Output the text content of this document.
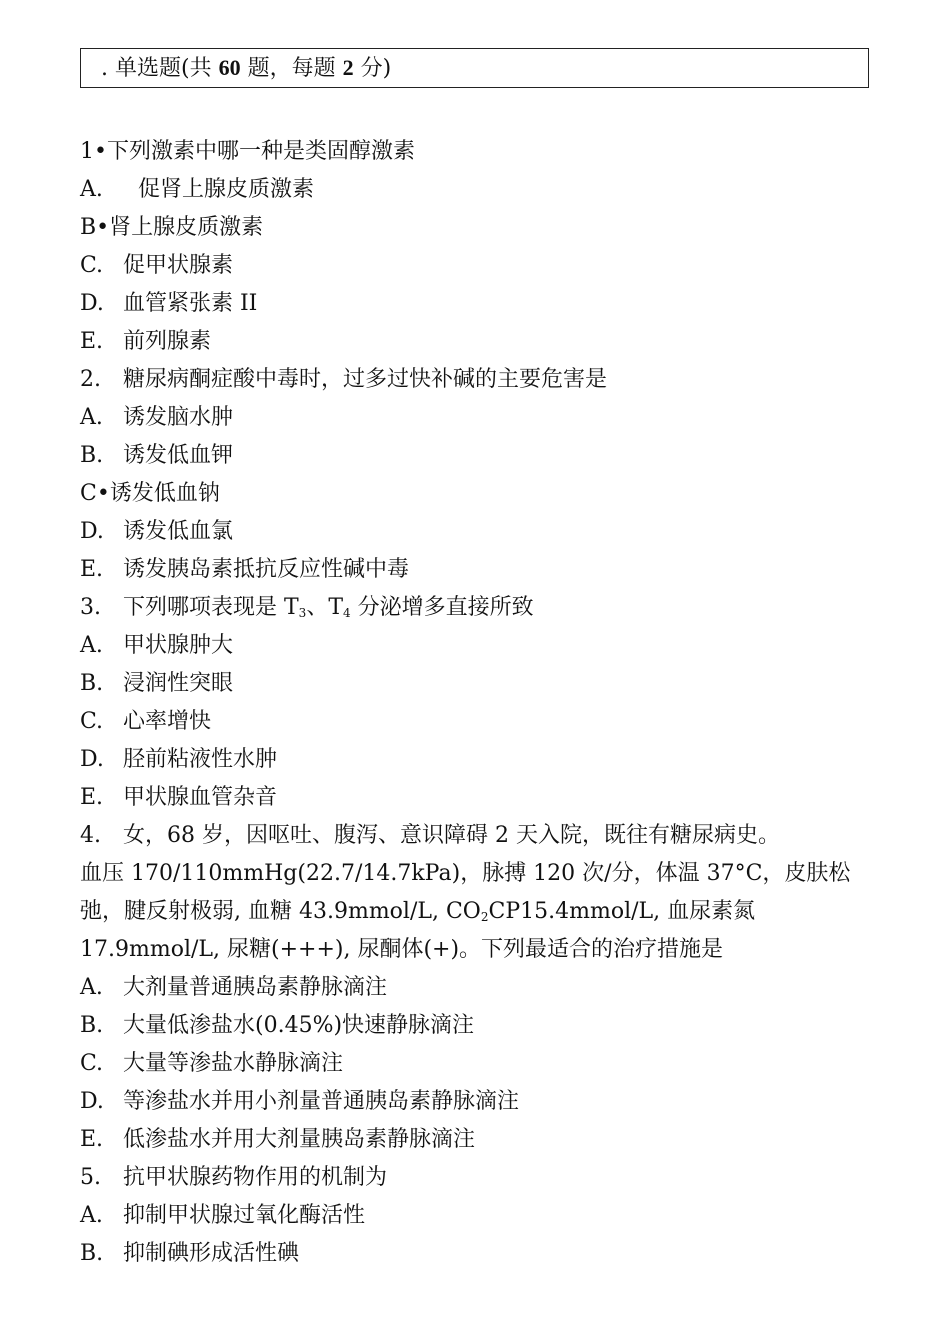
. 单选题(共 60 题，每题 2 分)
1•下列激素中哪一种是类固醇激素
A. 促肾上腺皮质激素
B•肾上腺皮质激素
C. 促甲状腺素
D. 血管紧张素 II
E. 前列腺素
2. 糖尿病酮症酸中毒时，过多过快补碱的主要危害是
A. 诱发脑水肿
B. 诱发低血钾
C•诱发低血钠
D. 诱发低血氯
E. 诱发胰岛素抵抗反应性碱中毒
3. 下列哪项表现是 $T_3$、$T_4$ 分泌增多直接所致
A. 甲状腺肿大
B. 浸润性突眼
C. 心率增快
D. 胫前粘液性水肿
E. 甲状腺血管杂音
4. 女，68 岁，因呕吐、腹泻、意识障碍 2 天入院，既往有糖尿病史。
血压 170/110mmHg(22.7/14.7kPa)，脉搏 120 次/分，体温 37°C，皮肤松
弛，腱反射极弱, 血糖 43.9mmol/L, $CO_2CP15.4mmol/L$, 血尿素氮
17.9mmol/L, 尿糖(+++), 尿酮体(+)。下列最适合的治疗措施是
A. 大剂量普通胰岛素静脉滴注
B. 大量低渗盐水(0.45%)快速静脉滴注
C. 大量等渗盐水静脉滴注
D. 等渗盐水并用小剂量普通胰岛素静脉滴注
E. 低渗盐水并用大剂量胰岛素静脉滴注
5. 抗甲状腺药物作用的机制为
A. 抑制甲状腺过氧化酶活性
B. 抑制碘形成活性碘
